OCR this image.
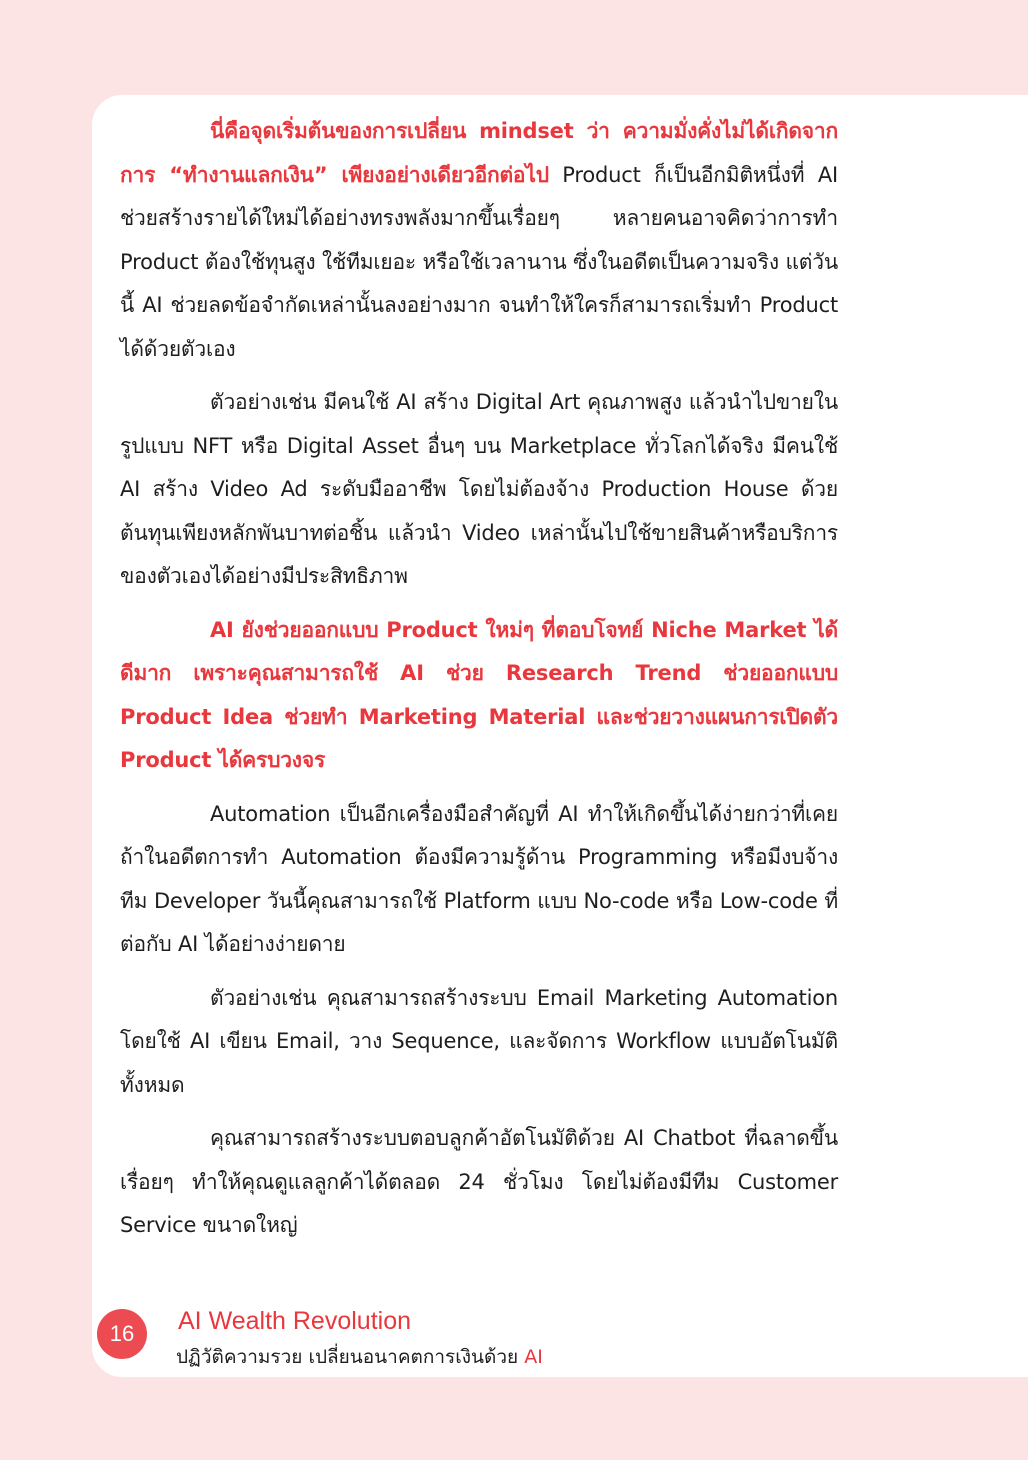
นี่คือจุดเริ่มต้นของการเปลี่ยน mindset ว่า ความมั่งคั่งไม่ได้เกิดจากการ “ทำงานแลกเงิน” เพียงอย่างเดียวอีกต่อไป Product ก็เป็นอีกมิติหนึ่งที่ AI ช่วยสร้างรายได้ใหม่ได้อย่างทรงพลังมากขึ้นเรื่อยๆ หลายคนอาจคิดว่าการทำ Product ต้องใช้ทุนสูง ใช้ทีมเยอะ หรือใช้เวลานาน ซึ่งในอดีตเป็นความจริง แต่วันนี้ AI ช่วยลดข้อจำกัดเหล่านั้นลงอย่างมาก จนทำให้ใครก็สามารถเริ่มทำ Product ได้ด้วยตัวเอง

ตัวอย่างเช่น มีคนใช้ AI สร้าง Digital Art คุณภาพสูง แล้วนำไปขายในรูปแบบ NFT หรือ Digital Asset อื่นๆ บน Marketplace ทั่วโลกได้จริง มีคนใช้ AI สร้าง Video Ad ระดับมืออาชีพ โดยไม่ต้องจ้าง Production House ด้วยต้นทุนเพียงหลักพันบาทต่อชิ้น แล้วนำ Video เหล่านั้นไปใช้ขายสินค้าหรือบริการของตัวเองได้อย่างมีประสิทธิภาพ

AI ยังช่วยออกแบบ Product ใหม่ๆ ที่ตอบโจทย์ Niche Market ได้ดีมาก เพราะคุณสามารถใช้ AI ช่วย Research Trend ช่วยออกแบบ Product Idea ช่วยทำ Marketing Material และช่วยวางแผนการเปิดตัว Product ได้ครบวงจร

Automation เป็นอีกเครื่องมือสำคัญที่ AI ทำให้เกิดขึ้นได้ง่ายกว่าที่เคย ถ้าในอดีตการทำ Automation ต้องมีความรู้ด้าน Programming หรือมีงบจ้างทีม Developer วันนี้คุณสามารถใช้ Platform แบบ No-code หรือ Low-code ที่ต่อกับ AI ได้อย่างง่ายดาย

ตัวอย่างเช่น คุณสามารถสร้างระบบ Email Marketing Automation โดยใช้ AI เขียน Email, วาง Sequence, และจัดการ Workflow แบบอัตโนมัติทั้งหมด

คุณสามารถสร้างระบบตอบลูกค้าอัตโนมัติด้วย AI Chatbot ที่ฉลาดขึ้นเรื่อยๆ ทำให้คุณดูแลลูกค้าได้ตลอด 24 ชั่วโมง โดยไม่ต้องมีทีม Customer Service ขนาดใหญ่

16	AI Wealth Revolution

ปฏิวัติความรวย เปลี่ยนอนาคตการเงินด้วย AI
